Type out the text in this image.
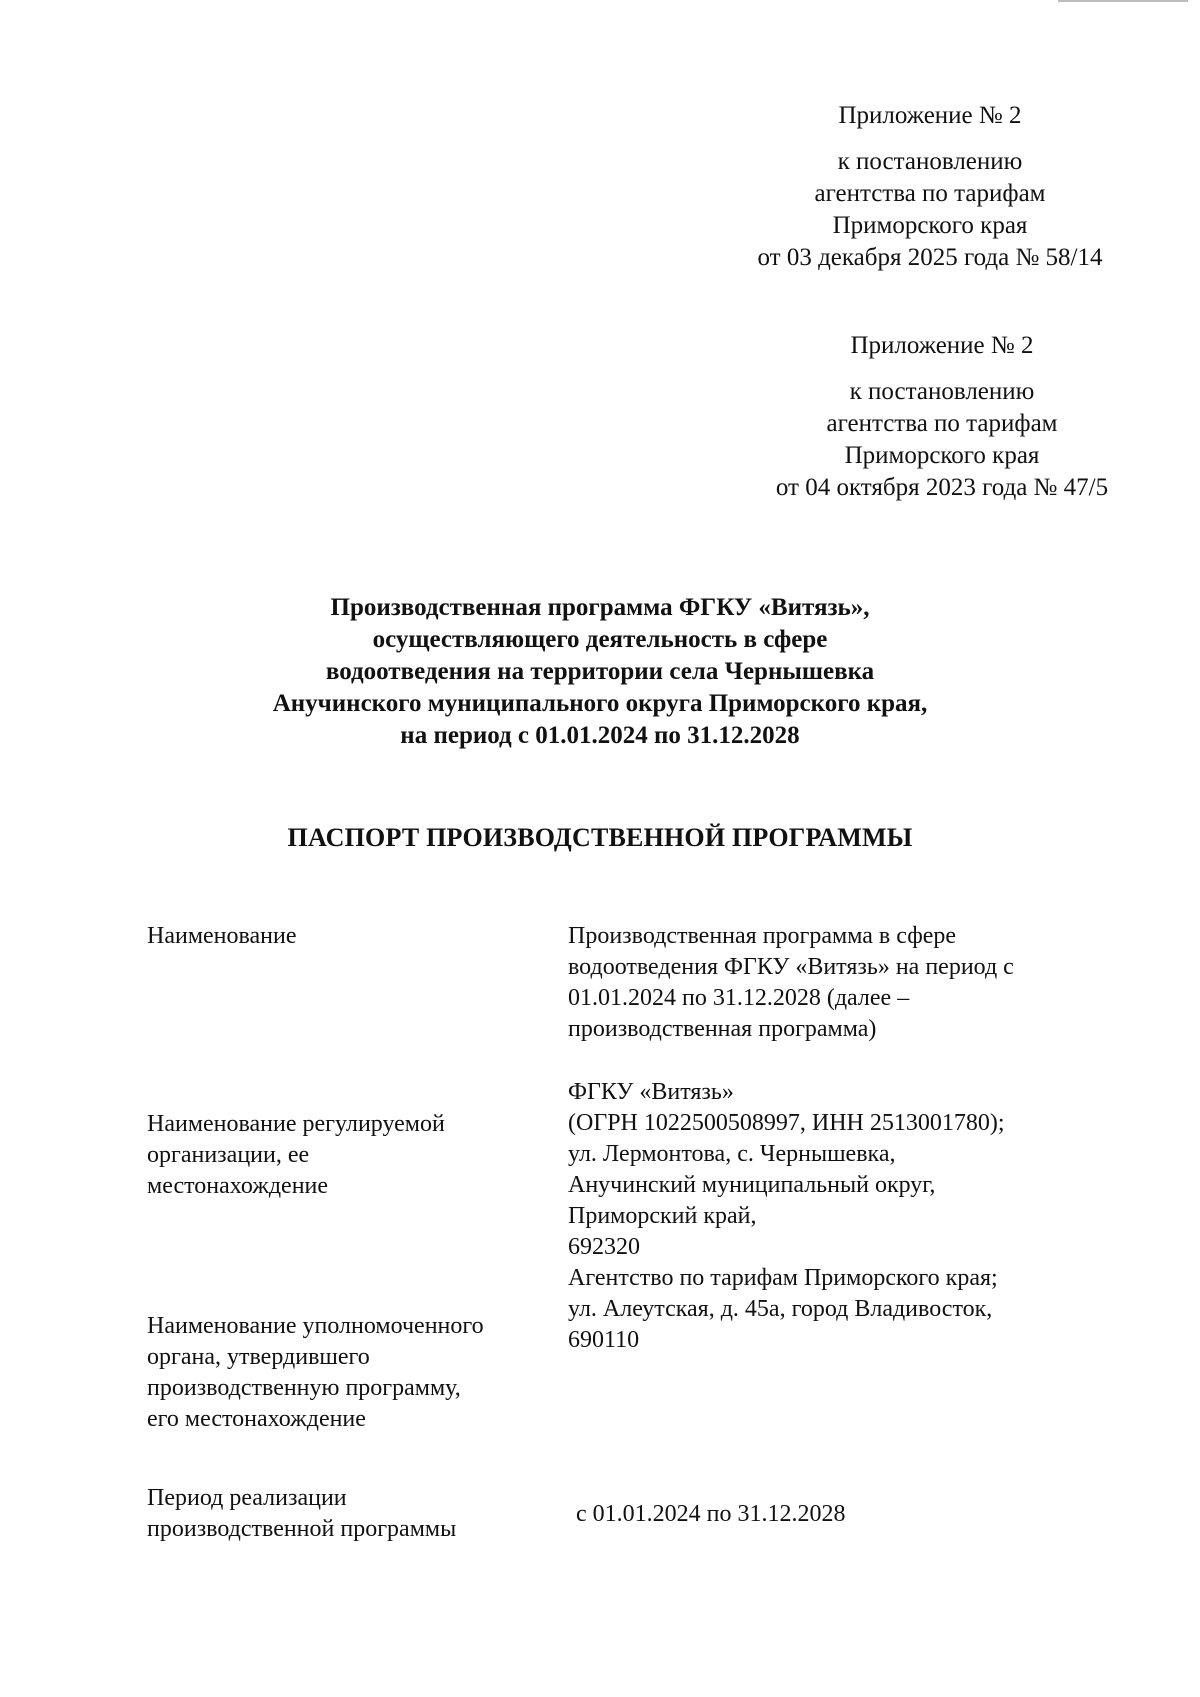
Приложение № 2
к постановлению
агентства по тарифам
Приморского края
от 03 декабря 2025 года № 58/14
Приложение № 2
к постановлению
агентства по тарифам
Приморского края
от 04 октября 2023 года № 47/5
Производственная программа ФГКУ «Витязь»,
осуществляющего деятельность в сфере
водоотведения на территории села Чернышевка
Анучинского муниципального округа Приморского края,
на период с 01.01.2024 по 31.12.2028
ПАСПОРТ ПРОИЗВОДСТВЕННОЙ ПРОГРАММЫ
Наименование	Производственная программа в сфере
водоотведения ФГКУ «Витязь» на период с
01.01.2024 по 31.12.2028 (далее –
производственная программа)
Наименование регулируемой
организации, ее
местонахождение
ФГКУ «Витязь»
(ОГРН 1022500508997, ИНН 2513001780);
ул. Лермонтова, с. Чернышевка,
Анучинский муниципальный округ,
Приморский край,
692320
Наименование уполномоченного
органа, утвердившего
производственную программу,
его местонахождение
Агентство по тарифам Приморского края;
ул. Алеутская, д. 45а, город Владивосток,
690110
Период реализации
производственной программы
с 01.01.2024 по 31.12.2028
